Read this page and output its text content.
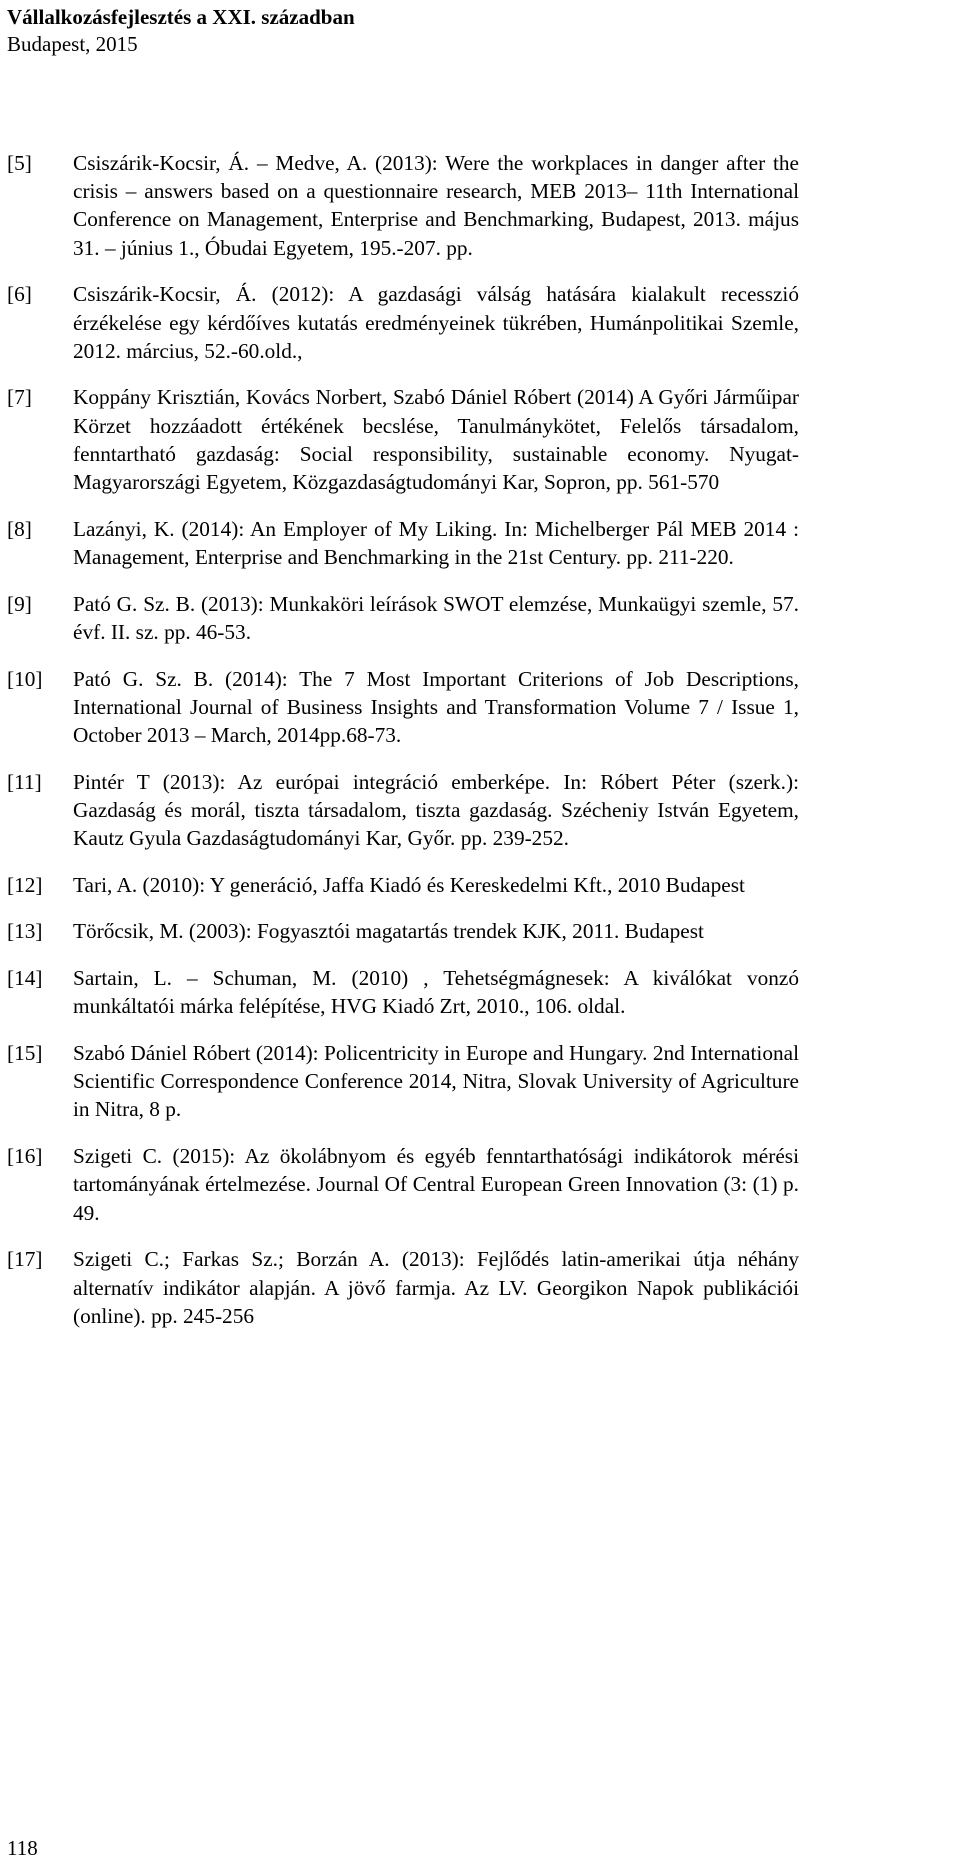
Vállalkozásfejlesztés a XXI. században
Budapest, 2015
[5] Csiszárik-Kocsir, Á. – Medve, A. (2013): Were the workplaces in danger after the crisis – answers based on a questionnaire research, MEB 2013– 11th International Conference on Management, Enterprise and Benchmarking, Budapest, 2013. május 31. – június 1., Óbudai Egyetem, 195.-207. pp.
[6] Csiszárik-Kocsir, Á. (2012): A gazdasági válság hatására kialakult recesszió érzékelése egy kérdőíves kutatás eredményeinek tükrében, Humánpolitikai Szemle, 2012. március, 52.-60.old.,
[7] Koppány Krisztián, Kovács Norbert, Szabó Dániel Róbert (2014) A Győri Járműipar Körzet hozzáadott értékének becslése, Tanulmánykötet, Felelős társadalom, fenntartható gazdaság: Social responsibility, sustainable economy. Nyugat-Magyarországi Egyetem, Közgazdaságtudományi Kar, Sopron, pp. 561-570
[8] Lazányi, K. (2014): An Employer of My Liking. In: Michelberger Pál MEB 2014 : Management, Enterprise and Benchmarking in the 21st Century. pp. 211-220.
[9] Pató G. Sz. B. (2013): Munkaköri leírások SWOT elemzése, Munkaügyi szemle, 57. évf. II. sz. pp. 46-53.
[10] Pató G. Sz. B. (2014): The 7 Most Important Criterions of Job Descriptions, International Journal of Business Insights and Transformation Volume 7 / Issue 1, October 2013 – March, 2014pp.68-73.
[11] Pintér T (2013): Az európai integráció emberképe. In: Róbert Péter (szerk.): Gazdaság és morál, tiszta társadalom, tiszta gazdaság. Szécheniy István Egyetem, Kautz Gyula Gazdaságtudományi Kar, Győr. pp. 239-252.
[12] Tari, A. (2010): Y generáció, Jaffa Kiadó és Kereskedelmi Kft., 2010 Budapest
[13] Törőcsik, M. (2003): Fogyasztói magatartás trendek KJK, 2011. Budapest
[14] Sartain, L. – Schuman, M. (2010) , Tehetségmágnesek: A kiválókat vonzó munkáltatói márka felépítése, HVG Kiadó Zrt, 2010., 106. oldal.
[15] Szabó Dániel Róbert (2014): Policentricity in Europe and Hungary. 2nd International Scientific Correspondence Conference 2014, Nitra, Slovak University of Agriculture in Nitra, 8 p.
[16] Szigeti C. (2015): Az ökolábnyom és egyéb fenntarthatósági indikátorok mérési tartományának értelmezése. Journal Of Central European Green Innovation (3: (1) p. 49.
[17] Szigeti C.; Farkas Sz.; Borzán A. (2013): Fejlődés latin-amerikai útja néhány alternatív indikátor alapján. A jövő farmja. Az LV. Georgikon Napok publikációi (online). pp. 245-256
118
